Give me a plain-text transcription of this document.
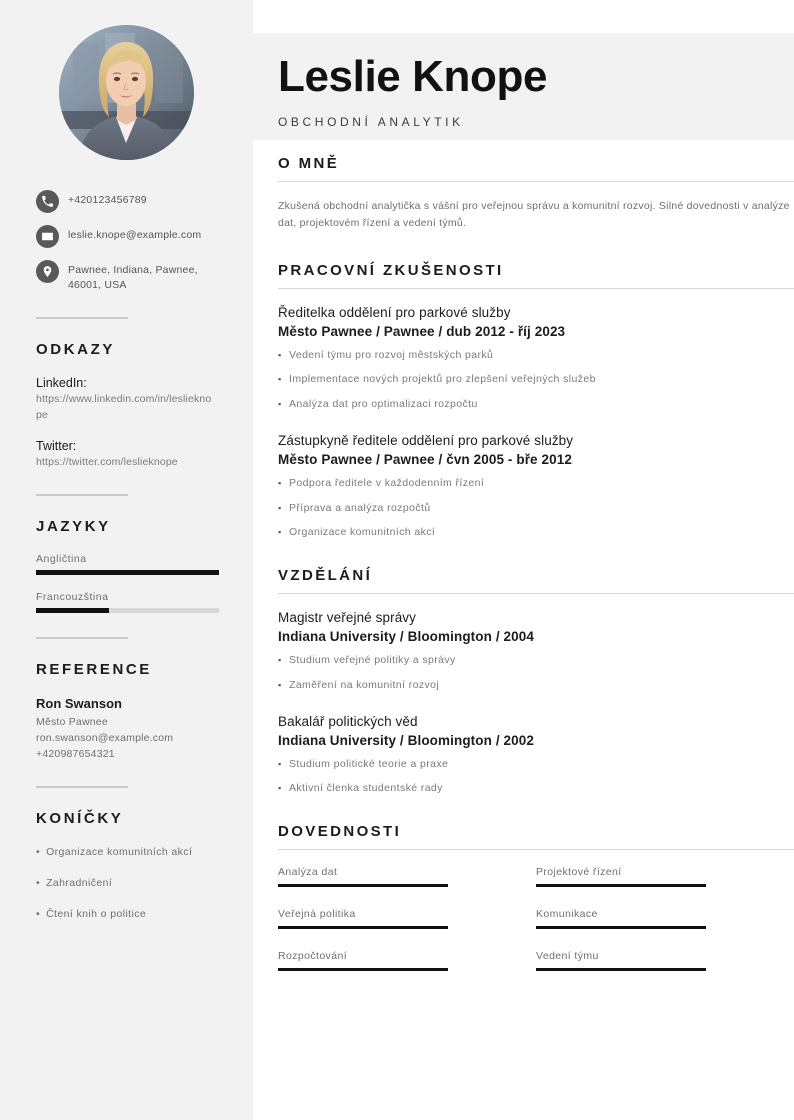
+420123456789
leslie.knope@example.com
Pawnee, Indiana, Pawnee, 46001, USA
ODKAZY
LinkedIn:
https://www.linkedin.com/in/leslieknope
Twitter:
https://twitter.com/leslieknope
JAZYKY
Angličtina
Francouzština
REFERENCE
Ron Swanson
Město Pawnee
ron.swanson@example.com
+420987654321
KONÍČKY
• Organizace komunitních akcí
• Zahradničení
• Čtení knih o politice
Leslie Knope
OBCHODNÍ ANALYTIK
O MNĚ

Zkušená obchodní analytička s vášní pro veřejnou správu a komunitní rozvoj. Silné dovednosti v analýze dat, projektovém řízení a vedení týmů.

PRACOVNÍ ZKUŠENOSTI
Ředitelka oddělení pro parkové služby
Město Pawnee / Pawnee / dub 2012 - říj 2023
▪ Vedení týmu pro rozvoj městských parků
▪ Implementace nových projektů pro zlepšení veřejných služeb
▪ Analýza dat pro optimalizaci rozpočtu
Zástupkyně ředitele oddělení pro parkové služby
Město Pawnee / Pawnee / čvn 2005 - bře 2012
▪ Podpora ředitele v každodenním řízení
▪ Příprava a analýza rozpočtů
▪ Organizace komunitních akcí
VZDĚLÁNÍ
Magistr veřejné správy
Indiana University / Bloomington / 2004
▪ Studium veřejné politiky a správy
▪ Zaměření na komunitní rozvoj
Bakalář politických věd
Indiana University / Bloomington / 2002
▪ Studium politické teorie a praxe
▪ Aktivní členka studentské rady
DOVEDNOSTI
Analýza dat	Projektové řízení
Veřejná politika	Komunikace
Rozpočtování	Vedení týmu
